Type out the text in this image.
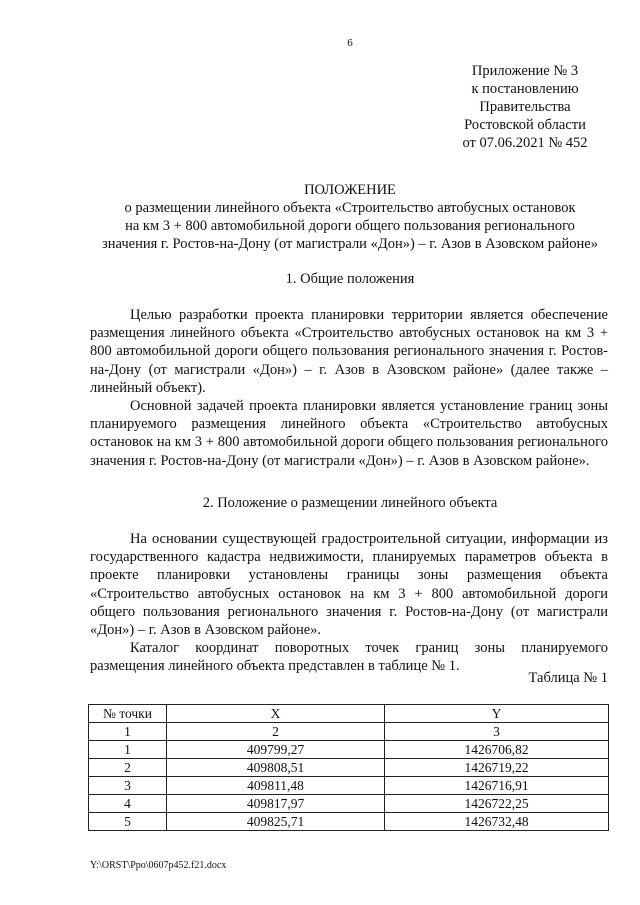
6
Приложение № 3
к постановлению
Правительства
Ростовской области
от 07.06.2021 № 452
ПОЛОЖЕНИЕ
о размещении линейного объекта «Строительство автобусных остановок
на км 3 + 800 автомобильной дороги общего пользования регионального
значения г. Ростов-на-Дону (от магистрали «Дон») – г. Азов в Азовском районе»
1. Общие положения

Целью разработки проекта планировки территории является обеспечение размещения линейного объекта «Строительство автобусных остановок на км 3 + 800 автомобильной дороги общего пользования регионального значения г. Ростов-на-Дону (от магистрали «Дон») – г. Азов в Азовском районе» (далее также – линейный объект).

Основной задачей проекта планировки является установление границ зоны планируемого размещения линейного объекта «Строительство автобусных остановок на км 3 + 800 автомобильной дороги общего пользования регионального значения г. Ростов-на-Дону (от магистрали «Дон») – г. Азов в Азовском районе».

2. Положение о размещении линейного объекта

На основании существующей градостроительной ситуации, информации из государственного кадастра недвижимости, планируемых параметров объекта в проекте планировки установлены границы зоны размещения объекта «Строительство автобусных остановок на км 3 + 800 автомобильной дороги общего пользования регионального значения г. Ростов-на-Дону (от магистрали «Дон») – г. Азов в Азовском районе».

Каталог координат поворотных точек границ зоны планируемого размещения линейного объекта представлен в таблице № 1.

Таблица № 1
№ точки	X	Y
1	2	3
1	409799,27	1426706,82
2	409808,51	1426719,22
3	409811,48	1426716,91
4	409817,97	1426722,25
5	409825,71	1426732,48
Y:\ORST\Ppo\0607p452.f21.docx
